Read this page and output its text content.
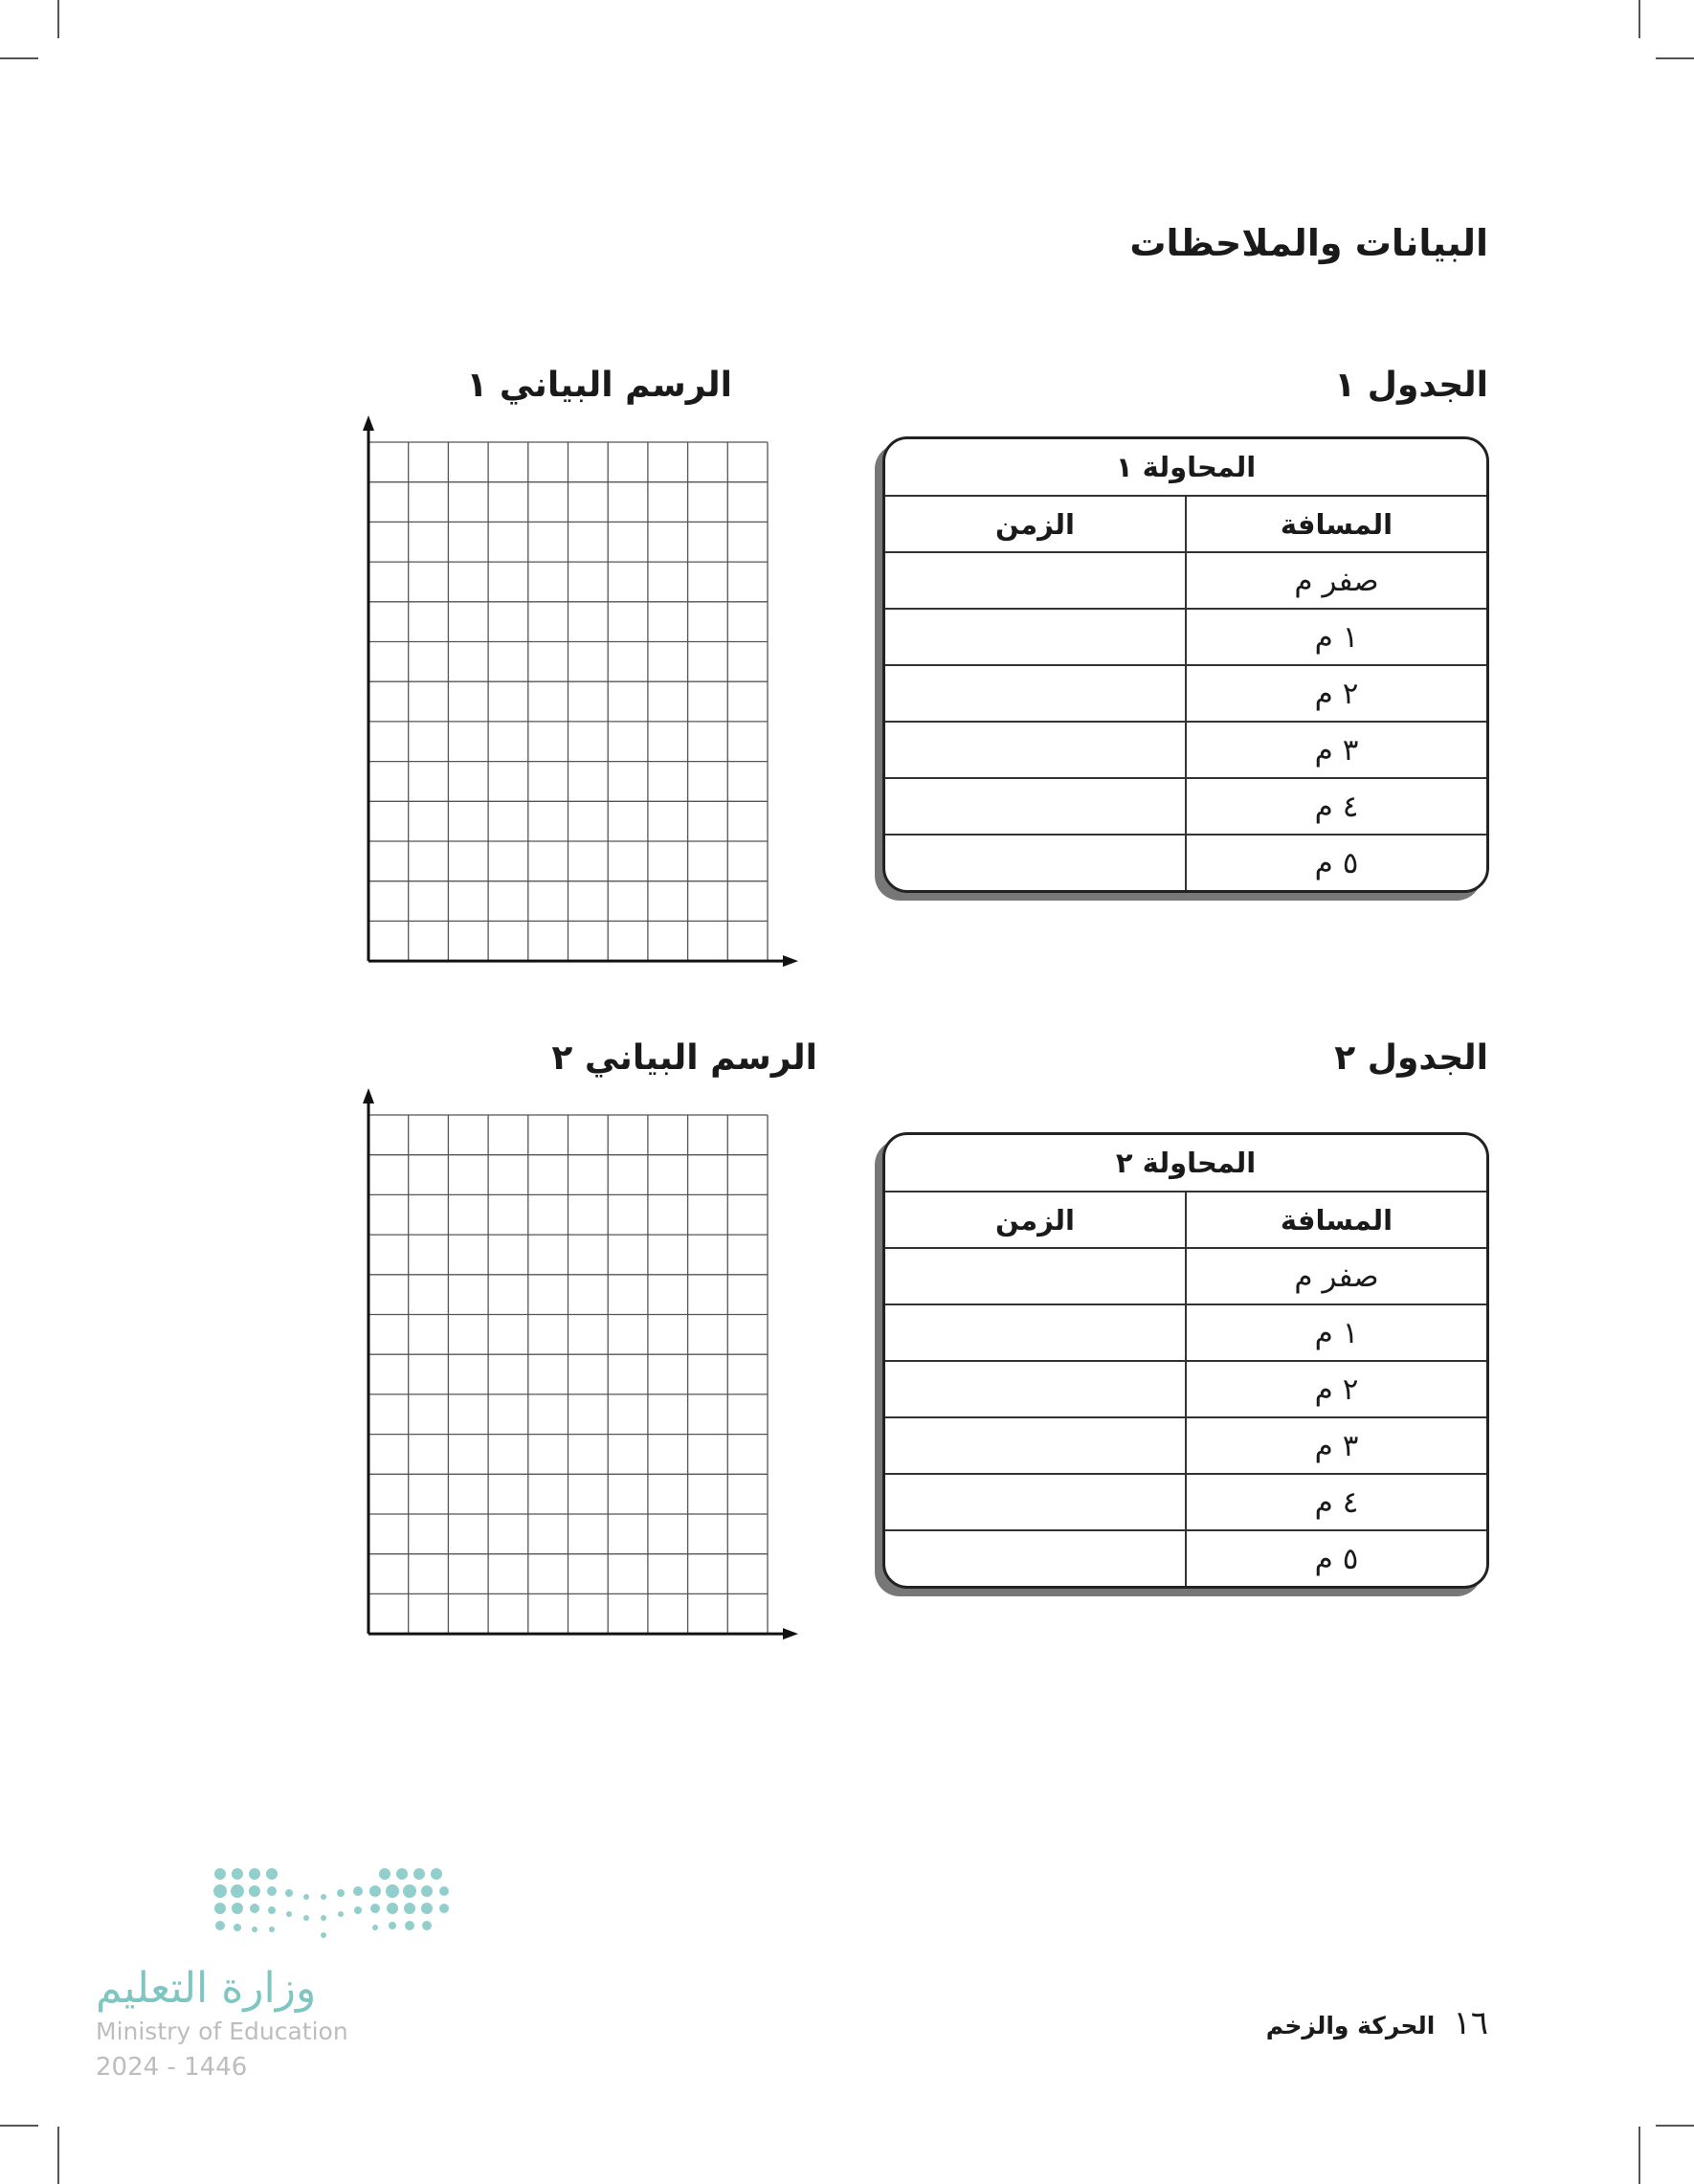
البيانات والملاحظات
الجدول ١
الرسم البياني ١
المحاولة ١	
المسافة	الزمن
صفر م	
١ م	
٢ م	
٣ م	
٤ م	
٥ م	
الجدول ٢
الرسم البياني ٢
المحاولة ٢	
المسافة	الزمن
صفر م	
١ م	
٢ م	
٣ م	
٤ م	
٥ م	
وزارة التعليم
Ministry of Education
2024 - 1446
١٦ الحركة والزخم
